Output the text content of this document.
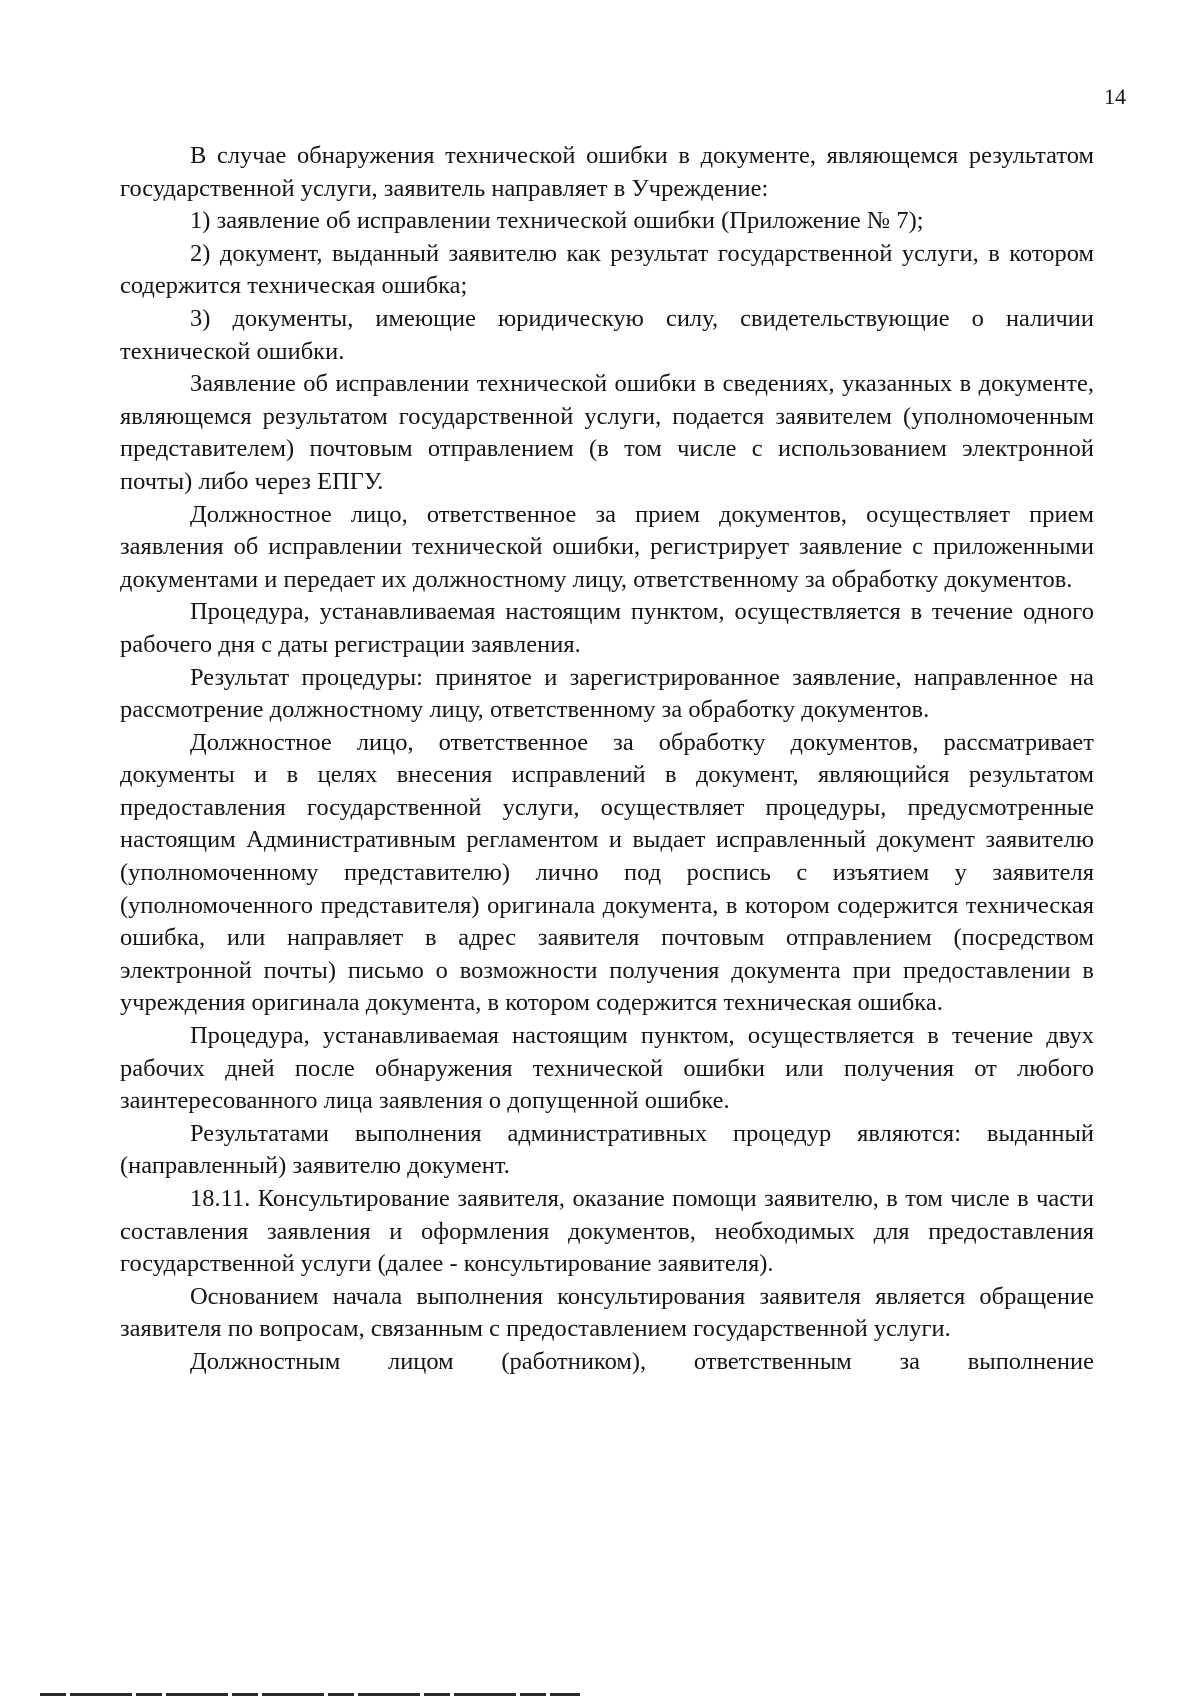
14

В случае обнаружения технической ошибки в документе, являющемся результатом государственной услуги, заявитель направляет в Учреждение:

1) заявление об исправлении технической ошибки (Приложение № 7);

2) документ, выданный заявителю как результат государственной услуги, в котором содержится техническая ошибка;

3) документы, имеющие юридическую силу, свидетельствующие о наличии технической ошибки.

Заявление об исправлении технической ошибки в сведениях, указанных в документе, являющемся результатом государственной услуги, подается заявителем (уполномоченным представителем) почтовым отправлением (в том числе с использованием электронной почты) либо через ЕПГУ.

Должностное лицо, ответственное за прием документов, осуществляет прием заявления об исправлении технической ошибки, регистрирует заявление с приложенными документами и передает их должностному лицу, ответственному за обработку документов.

Процедура, устанавливаемая настоящим пунктом, осуществляется в течение одного рабочего дня с даты регистрации заявления.

Результат процедуры: принятое и зарегистрированное заявление, направленное на рассмотрение должностному лицу, ответственному за обработку документов.

Должностное лицо, ответственное за обработку документов, рассматривает документы и в целях внесения исправлений в документ, являющийся результатом предоставления государственной услуги, осуществляет процедуры, предусмотренные настоящим Административным регламентом и выдает исправленный документ заявителю (уполномоченному представителю) лично под роспись с изъятием у заявителя (уполномоченного представителя) оригинала документа, в котором содержится техническая ошибка, или направляет в адрес заявителя почтовым отправлением (посредством электронной почты) письмо о возможности получения документа при предоставлении в учреждения оригинала документа, в котором содержится техническая ошибка.

Процедура, устанавливаемая настоящим пунктом, осуществляется в течение двух рабочих дней после обнаружения технической ошибки или получения от любого заинтересованного лица заявления о допущенной ошибке.

Результатами выполнения административных процедур являются: выданный (направленный) заявителю документ.

18.11. Консультирование заявителя, оказание помощи заявителю, в том числе в части составления заявления и оформления документов, необходимых для предоставления государственной услуги (далее - консультирование заявителя).

Основанием начала выполнения консультирования заявителя является обращение заявителя по вопросам, связанным с предоставлением государственной услуги.

Должностным лицом (работником), ответственным за выполнение
